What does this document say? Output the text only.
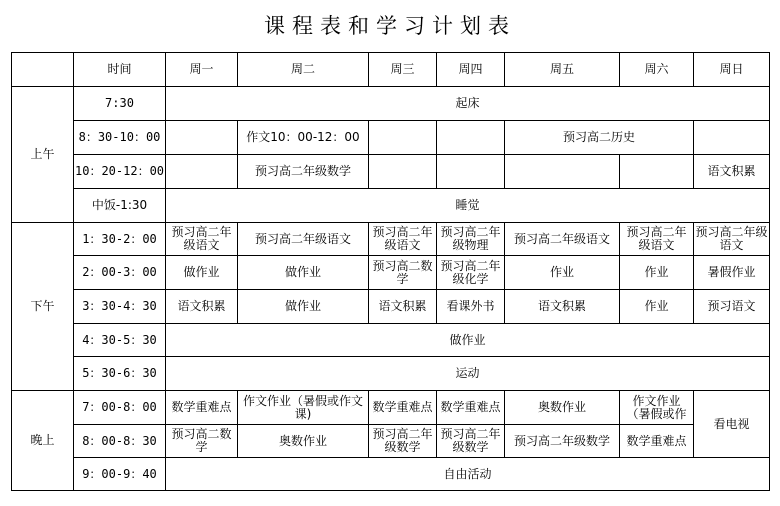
课程表和学习计划表
	时间	周一	周二	周三	周四	周五	周六	周日
上午	7:30	起床						
	8：30-10：00		作文10：00-12：00			预习高二历史		
	10：20-12：00		预习高二年级数学					语文积累
	中饭-1:30	睡觉						
下午	1：30-2：00	预习高二年级语文	预习高二年级语文	预习高二年级语文	预习高二年级物理	预习高二年级语文	预习高二年级语文	预习高二年级语文
	2：00-3：00	做作业	做作业	预习高二数学	预习高二年级化学	作业	作业	暑假作业
	3：30-4：30	语文积累	做作业	语文积累	看课外书	语文积累	作业	预习语文
	4：30-5：30	做作业						
	5：30-6：30	运动						
晚上	7：00-8：00	数学重难点	作文作业（暑假或作文课)	数学重难点	数学重难点	奥数作业	作文作业（暑假或作	看电视
	8：00-8：30	预习高二数学	奥数作业	预习高二年级数学	预习高二年级数学	预习高二年级数学	数学重难点	
	9：00-9：40	自由活动						
